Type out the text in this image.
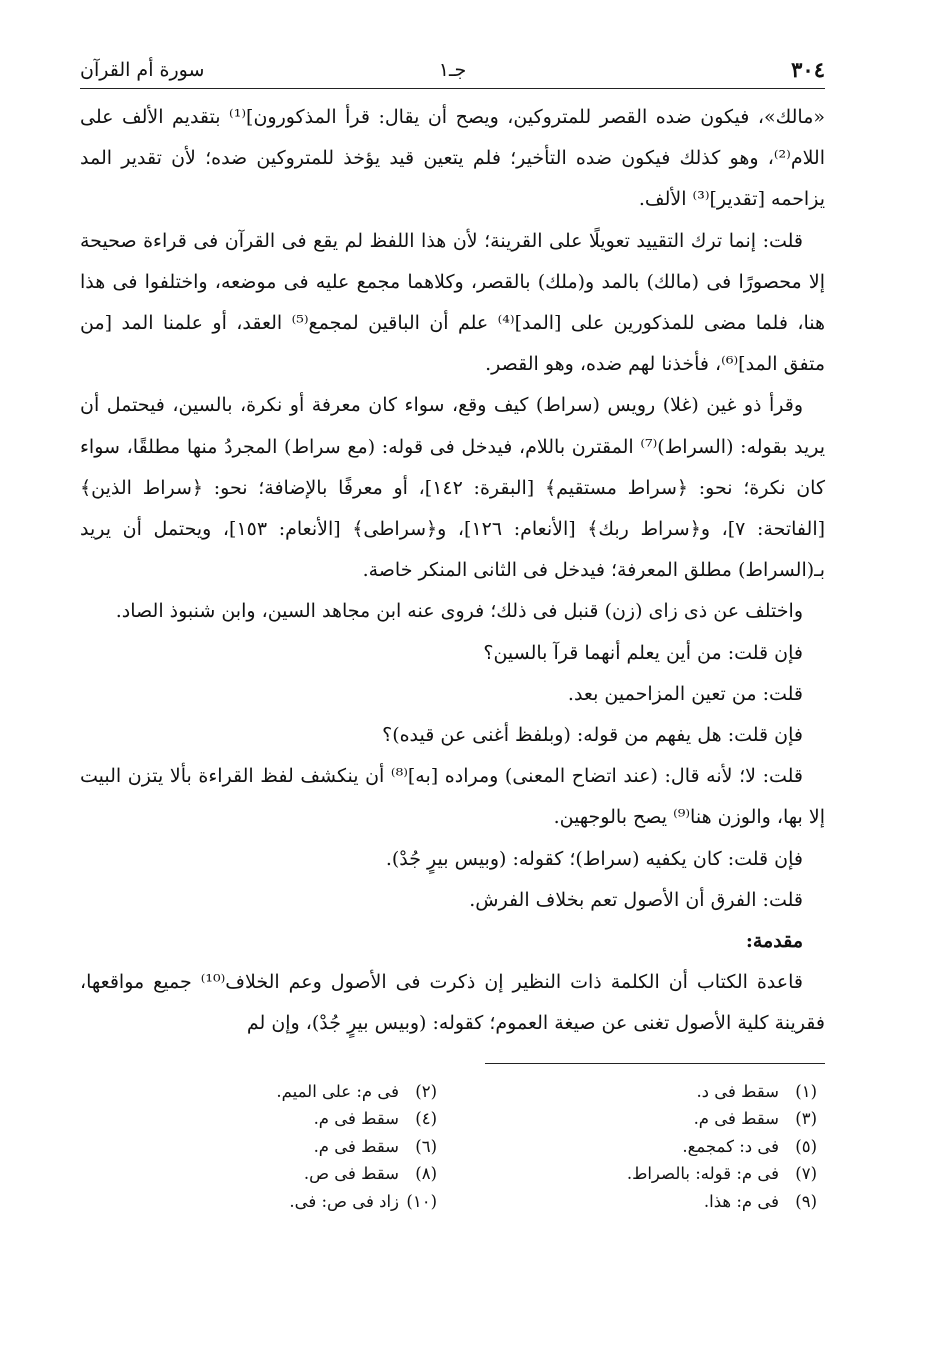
٣٠٤
جـ١
سورة أم القرآن

«مالك»، فيكون ضده القصر للمتروكين، ويصح أن يقال: قرأ المذكورون]⁽¹⁾ بتقديم الألف على اللام⁽²⁾، وهو كذلك فيكون ضده التأخير؛ فلم يتعين قيد يؤخذ للمتروكين ضده؛ لأن تقدير المد يزاحمه [تقدير]⁽³⁾ الألف.

قلت: إنما ترك التقييد تعويلًا على القرينة؛ لأن هذا اللفظ لم يقع فى القرآن فى قراءة صحيحة إلا محصورًا فى (مالك) بالمد و(ملك) بالقصر، وكلاهما مجمع عليه فى موضعه، واختلفوا فى هذا هنا، فلما مضى للمذكورين على [المد]⁽⁴⁾ علم أن الباقين لمجمع⁽⁵⁾ العقد، أو علمنا المد [من متفق المد]⁽⁶⁾، فأخذنا لهم ضده، وهو القصر.

وقرأ ذو غين (غلا) رويس (سراط) كيف وقع، سواء كان معرفة أو نكرة، بالسين، فيحتمل أن يريد بقوله: (السراط)⁽⁷⁾ المقترن باللام، فيدخل فى قوله: (مع سراط) المجردُ منها مطلقًا، سواء كان نكرة؛ نحو: ﴿سراط مستقيم﴾ [البقرة: ١٤٢]، أو معرفًا بالإضافة؛ نحو: ﴿سراط الذين﴾ [الفاتحة: ٧]، و﴿سراط ربك﴾ [الأنعام: ١٢٦]، و﴿سراطى﴾ [الأنعام: ١٥٣]، ويحتمل أن يريد بـ(السراط) مطلق المعرفة؛ فيدخل فى الثانى المنكر خاصة.

واختلف عن ذى زاى (زن) قنبل فى ذلك؛ فروى عنه ابن مجاهد السين، وابن شنبوذ الصاد.

فإن قلت: من أين يعلم أنهما قرآ بالسين؟

قلت: من تعين المزاحمين بعد.

فإن قلت: هل يفهم من قوله: (وبلفظ أغنى عن قيده)؟

قلت: لا؛ لأنه قال: (عند اتضاح المعنى) ومراده [به]⁽⁸⁾ أن ينكشف لفظ القراءة بألا يتزن البيت إلا بها، والوزن هنا⁽⁹⁾ يصح بالوجهين.

فإن قلت: كان يكفيه (سراط)؛ كقوله: (وبيس بيرٍ جُدْ).

قلت: الفرق أن الأصول تعم بخلاف الفرش.

مقدمة:

قاعدة الكتاب أن الكلمة ذات النظير إن ذكرت فى الأصول وعم الخلاف⁽¹⁰⁾ جميع مواقعها، فقرينة كلية الأصول تغنى عن صيغة العموم؛ كقوله: (وبيس بيرٍ جُدْ)، وإن لم

(١)سقط فى د.
(٢)فى م: على الميم.
(٣)سقط فى م.
(٤)سقط فى م.
(٥)فى د: كمجمع.
(٦)سقط فى م.
(٧)فى م: قوله: بالصراط.
(٨)سقط فى ص.
(٩)فى م: هذا.
(١٠)زاد فى ص: فى.
